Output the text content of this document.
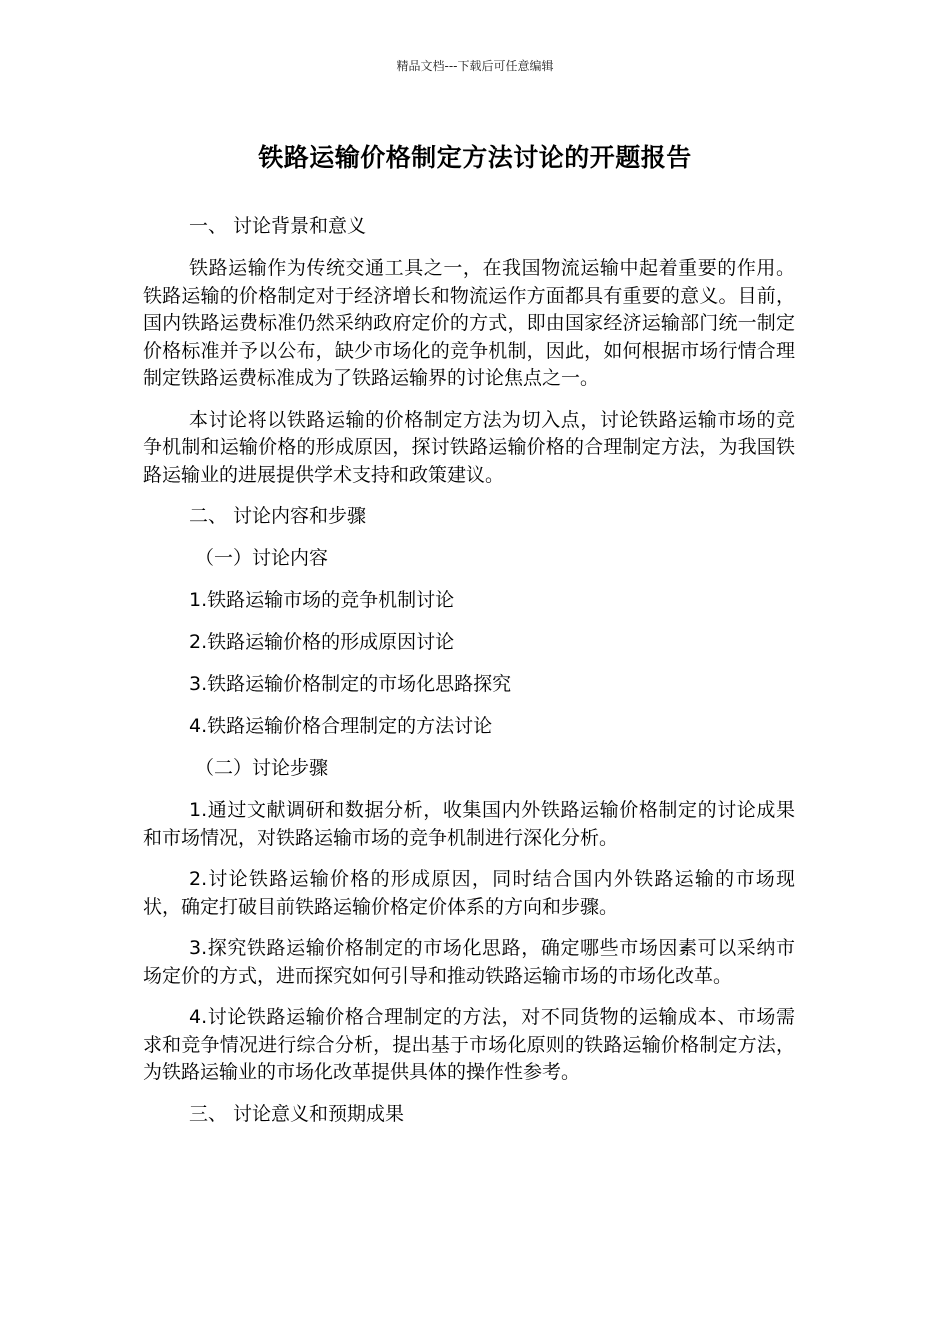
精品文档---下载后可任意编辑
铁路运输价格制定方法讨论的开题报告

一、 讨论背景和意义

铁路运输作为传统交通工具之一，在我国物流运输中起着重要的作用。铁路运输的价格制定对于经济增长和物流运作方面都具有重要的意义。目前，国内铁路运费标准仍然采纳政府定价的方式，即由国家经济运输部门统一制定价格标准并予以公布，缺少市场化的竞争机制，因此，如何根据市场行情合理制定铁路运费标准成为了铁路运输界的讨论焦点之一。

本讨论将以铁路运输的价格制定方法为切入点，讨论铁路运输市场的竞争机制和运输价格的形成原因，探讨铁路运输价格的合理制定方法，为我国铁路运输业的进展提供学术支持和政策建议。

二、 讨论内容和步骤

（一）讨论内容

1.铁路运输市场的竞争机制讨论

2.铁路运输价格的形成原因讨论

3.铁路运输价格制定的市场化思路探究

4.铁路运输价格合理制定的方法讨论

（二）讨论步骤

1.通过文献调研和数据分析，收集国内外铁路运输价格制定的讨论成果和市场情况，对铁路运输市场的竞争机制进行深化分析。

2.讨论铁路运输价格的形成原因，同时结合国内外铁路运输的市场现状，确定打破目前铁路运输价格定价体系的方向和步骤。

3.探究铁路运输价格制定的市场化思路，确定哪些市场因素可以采纳市场定价的方式，进而探究如何引导和推动铁路运输市场的市场化改革。

4.讨论铁路运输价格合理制定的方法，对不同货物的运输成本、市场需求和竞争情况进行综合分析，提出基于市场化原则的铁路运输价格制定方法，为铁路运输业的市场化改革提供具体的操作性参考。

三、 讨论意义和预期成果
